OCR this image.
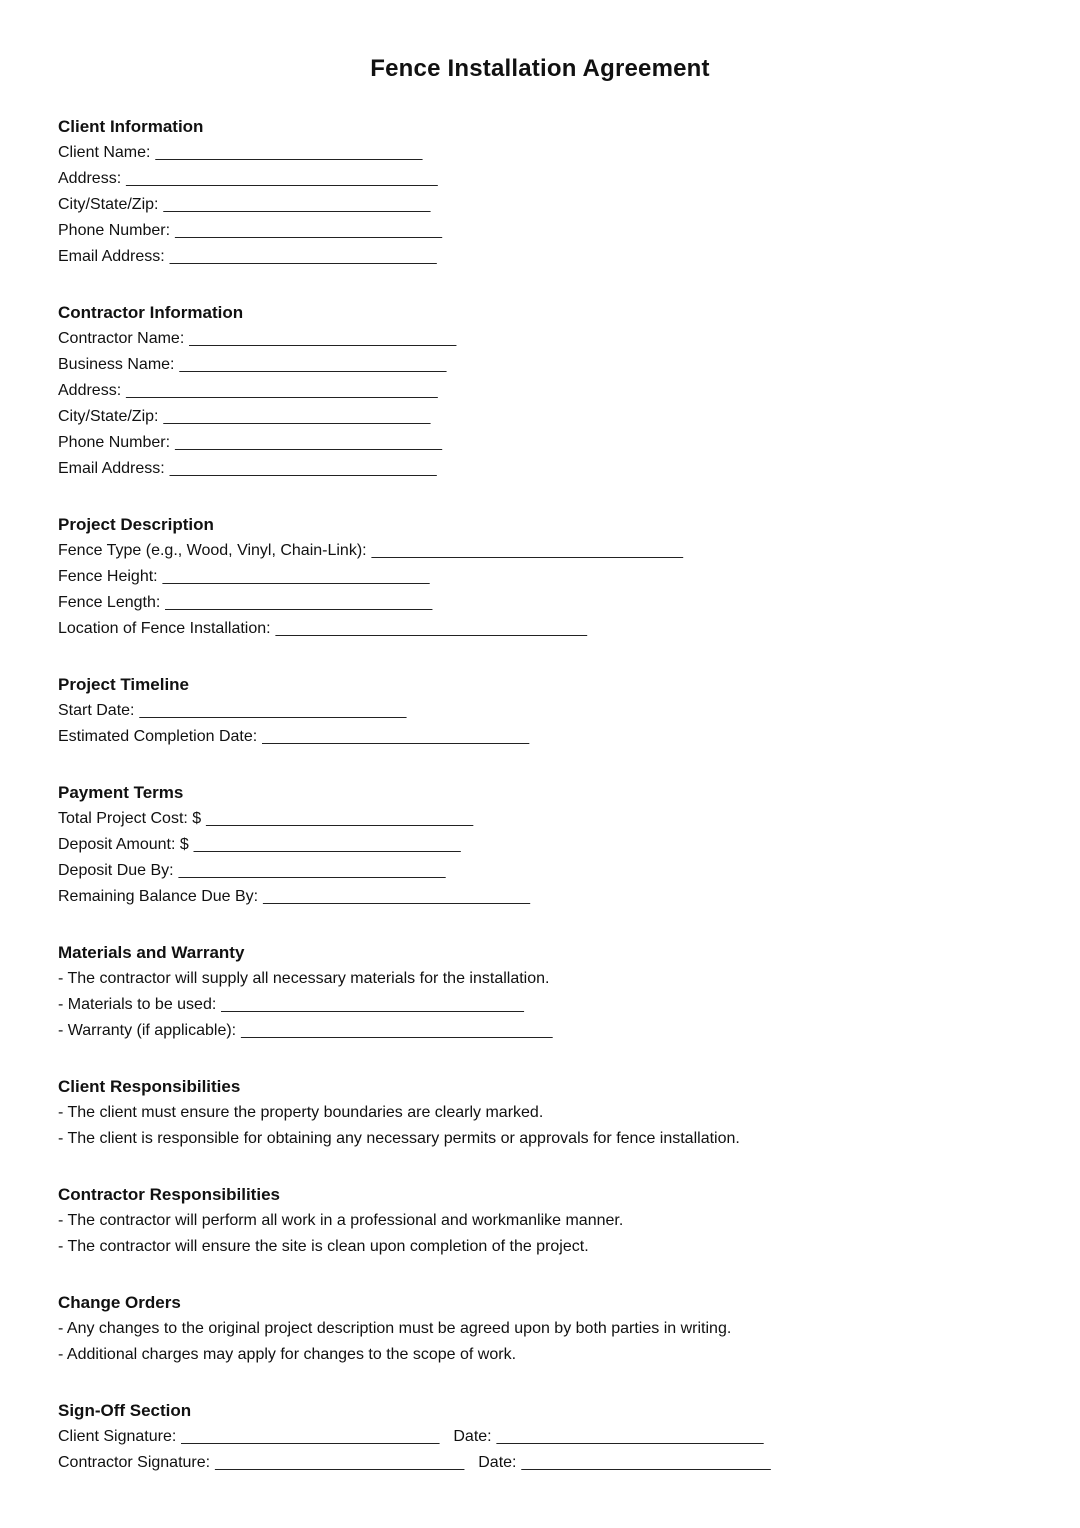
Fence Installation Agreement
Client Information
Client Name: ______________________________
Address: ___________________________________
City/State/Zip: ______________________________
Phone Number: ______________________________
Email Address: ______________________________
Contractor Information
Contractor Name: ______________________________
Business Name: ______________________________
Address: ___________________________________
City/State/Zip: ______________________________
Phone Number: ______________________________
Email Address: ______________________________
Project Description
Fence Type (e.g., Wood, Vinyl, Chain-Link): ___________________________________
Fence Height: ______________________________
Fence Length: ______________________________
Location of Fence Installation: ___________________________________
Project Timeline
Start Date: ______________________________
Estimated Completion Date: ______________________________
Payment Terms
Total Project Cost: $ ______________________________
Deposit Amount: $ ______________________________
Deposit Due By: ______________________________
Remaining Balance Due By: ______________________________
Materials and Warranty
- The contractor will supply all necessary materials for the installation.
- Materials to be used: __________________________________
- Warranty (if applicable): ___________________________________
Client Responsibilities
- The client must ensure the property boundaries are clearly marked.
- The client is responsible for obtaining any necessary permits or approvals for fence installation.
Contractor Responsibilities
- The contractor will perform all work in a professional and workmanlike manner.
- The contractor will ensure the site is clean upon completion of the project.
Change Orders
- Any changes to the original project description must be agreed upon by both parties in writing.
- Additional charges may apply for changes to the scope of work.
Sign-Off Section
Client Signature: _____________________________ Date: ______________________________
Contractor Signature: ____________________________ Date: ____________________________
